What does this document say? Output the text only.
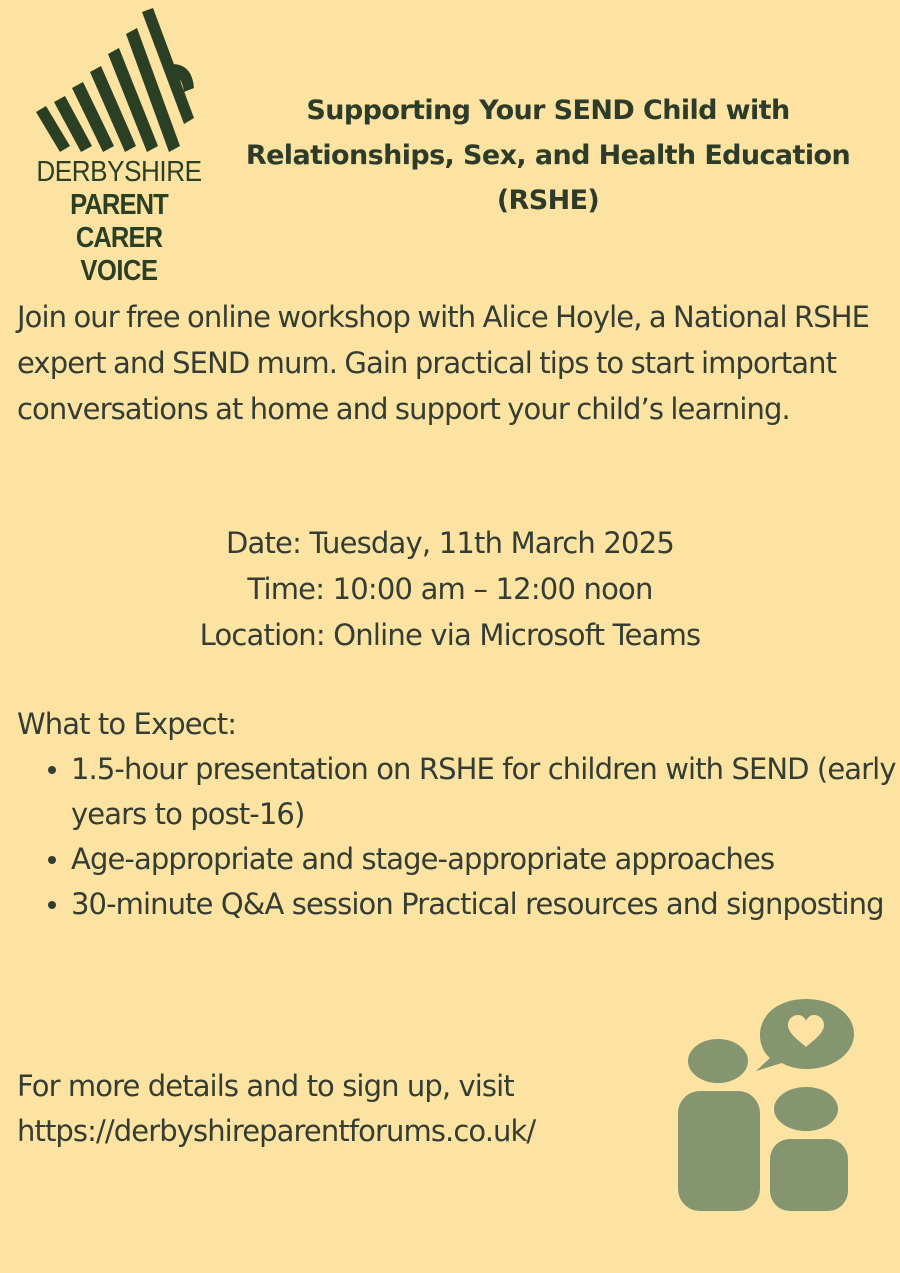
DERBYSHIRE
PARENT CARER
VOICE
Supporting Your SEND Child with
Relationships, Sex, and Health Education
(RSHE)

Join our free online workshop with Alice Hoyle, a National RSHE expert and SEND mum. Gain practical tips to start important conversations at home and support your child’s learning.

Date: Tuesday, 11th March 2025
Time: 10:00 am – 12:00 noon
Location: Online via Microsoft Teams
What to Expect:
1.5-hour presentation on RSHE for children with SEND (early years to post-16)
Age-appropriate and stage-appropriate approaches
30-minute Q&A session Practical resources and signposting
For more details and to sign up, visit
https://derbyshireparentforums.co.uk/
